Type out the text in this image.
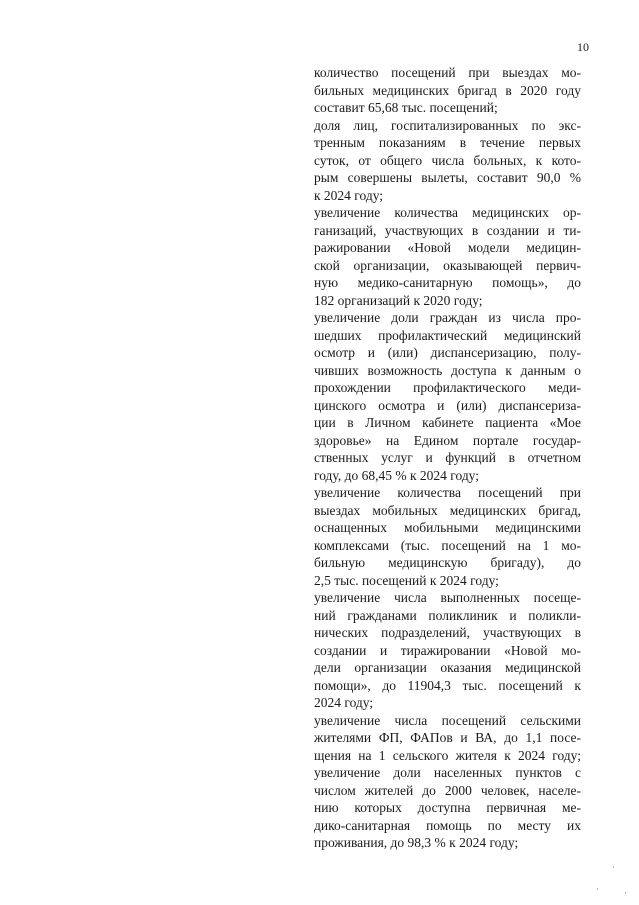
10
количество посещений при выездах мо-
бильных медицинских бригад в 2020 году
составит 65,68 тыс. посещений;
доля лиц, госпитализированных по экс-
тренным показаниям в течение первых
суток, от общего числа больных, к кото-
рым совершены вылеты, составит 90,0 %
к 2024 году;
увеличение количества медицинских ор-
ганизаций, участвующих в создании и ти-
ражировании «Новой модели медицин-
ской организации, оказывающей первич-
ную медико-санитарную помощь», до
182 организаций к 2020 году;
увеличение доли граждан из числа про-
шедших профилактический медицинский
осмотр и (или) диспансеризацию, полу-
чивших возможность доступа к данным о
прохождении профилактического меди-
цинского осмотра и (или) диспансериза-
ции в Личном кабинете пациента «Мое
здоровье» на Едином портале государ-
ственных услуг и функций в отчетном
году, до 68,45 % к 2024 году;
увеличение количества посещений при
выездах мобильных медицинских бригад,
оснащенных мобильными медицинскими
комплексами (тыс. посещений на 1 мо-
бильную медицинскую бригаду), до
2,5 тыс. посещений к 2024 году;
увеличение числа выполненных посеще-
ний гражданами поликлиник и поликли-
нических подразделений, участвующих в
создании и тиражировании «Новой мо-
дели организации оказания медицинской
помощи», до 11904,3 тыс. посещений к
2024 году;
увеличение числа посещений сельскими
жителями ФП, ФАПов и ВА, до 1,1 посе-
щения на 1 сельского жителя к 2024 году;
увеличение доли населенных пунктов с
числом жителей до 2000 человек, населе-
нию которых доступна первичная ме-
дико-санитарная помощь по месту их
проживания, до 98,3 % к 2024 году;
·
·	·
